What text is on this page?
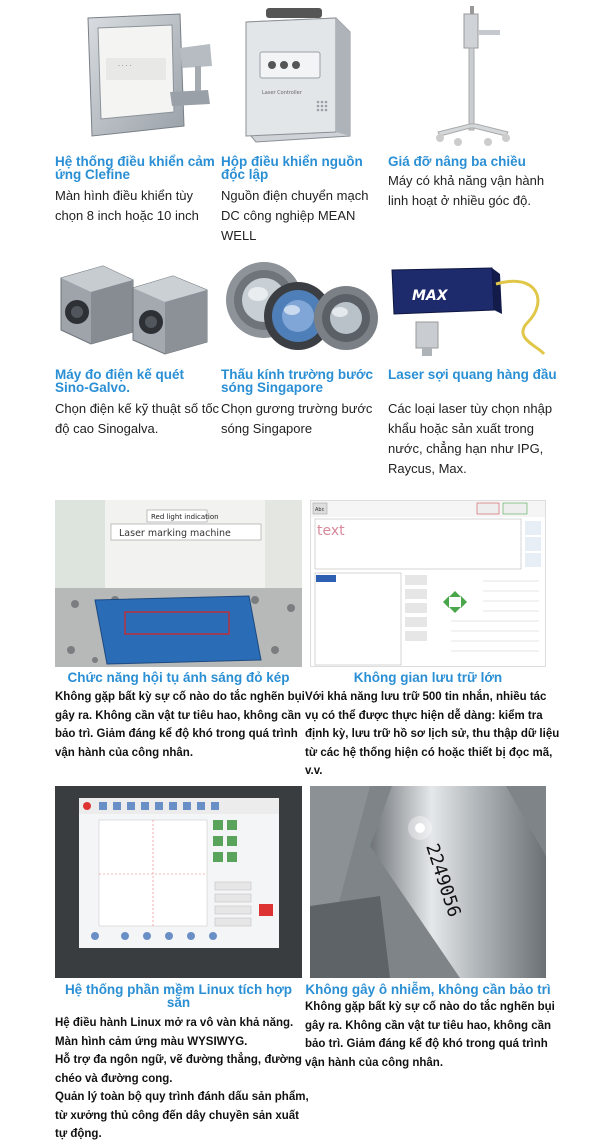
· · · ·
Hệ thống điều khiển cảm ứng Clefine
Màn hình điều khiển tùy chọn 8 inch hoặc 10 inch
Laser Controller
Hộp điều khiển nguồn độc lập
Nguồn điện chuyển mạch DC công nghiệp MEAN WELL
Giá đỡ nâng ba chiều
Máy có khả năng vận hành linh hoạt ở nhiều góc độ.
Máy đo điện kế quét Sino-Galvo.
Chọn điện kế kỹ thuật số tốc độ cao Sinogalva.
Thấu kính trường bước sóng Singapore
Chọn gương trường bước sóng Singapore
MAX
Laser sợi quang hàng đầu
Các loại laser tùy chọn nhập khẩu hoặc sản xuất trong nước, chẳng hạn như IPG, Raycus, Max.
Red light indication
Laser marking machine
Chức năng hội tụ ánh sáng đỏ kép
Không gặp bất kỳ sự cố nào do tắc nghẽn bụi
gây ra. Không cần vật tư tiêu hao, không cần
bảo trì. Giảm đáng kể độ khó trong quá trình
vận hành của công nhân.
Abc
text
Không gian lưu trữ lớn
Với khả năng lưu trữ 500 tin nhắn, nhiều tác
vụ có thể được thực hiện dễ dàng: kiểm tra
định kỳ, lưu trữ hồ sơ lịch sử, thu thập dữ liệu
từ các hệ thống hiện có hoặc thiết bị đọc mã,
v.v.
Hệ thống phần mềm Linux tích hợp sẵn
Hệ điều hành Linux mở ra vô vàn khả năng.
Màn hình cảm ứng màu WYSIWYG.
Hỗ trợ đa ngôn ngữ, vẽ đường thẳng, đường
chéo và đường cong.
Quản lý toàn bộ quy trình đánh dấu sản phẩm,
từ xưởng thủ công đến dây chuyền sản xuất
tự động.
2249056
Không gây ô nhiễm, không cần bảo trì
Không gặp bất kỳ sự cố nào do tắc nghẽn bụi
gây ra. Không cần vật tư tiêu hao, không cần
bảo trì. Giảm đáng kể độ khó trong quá trình
vận hành của công nhân.
